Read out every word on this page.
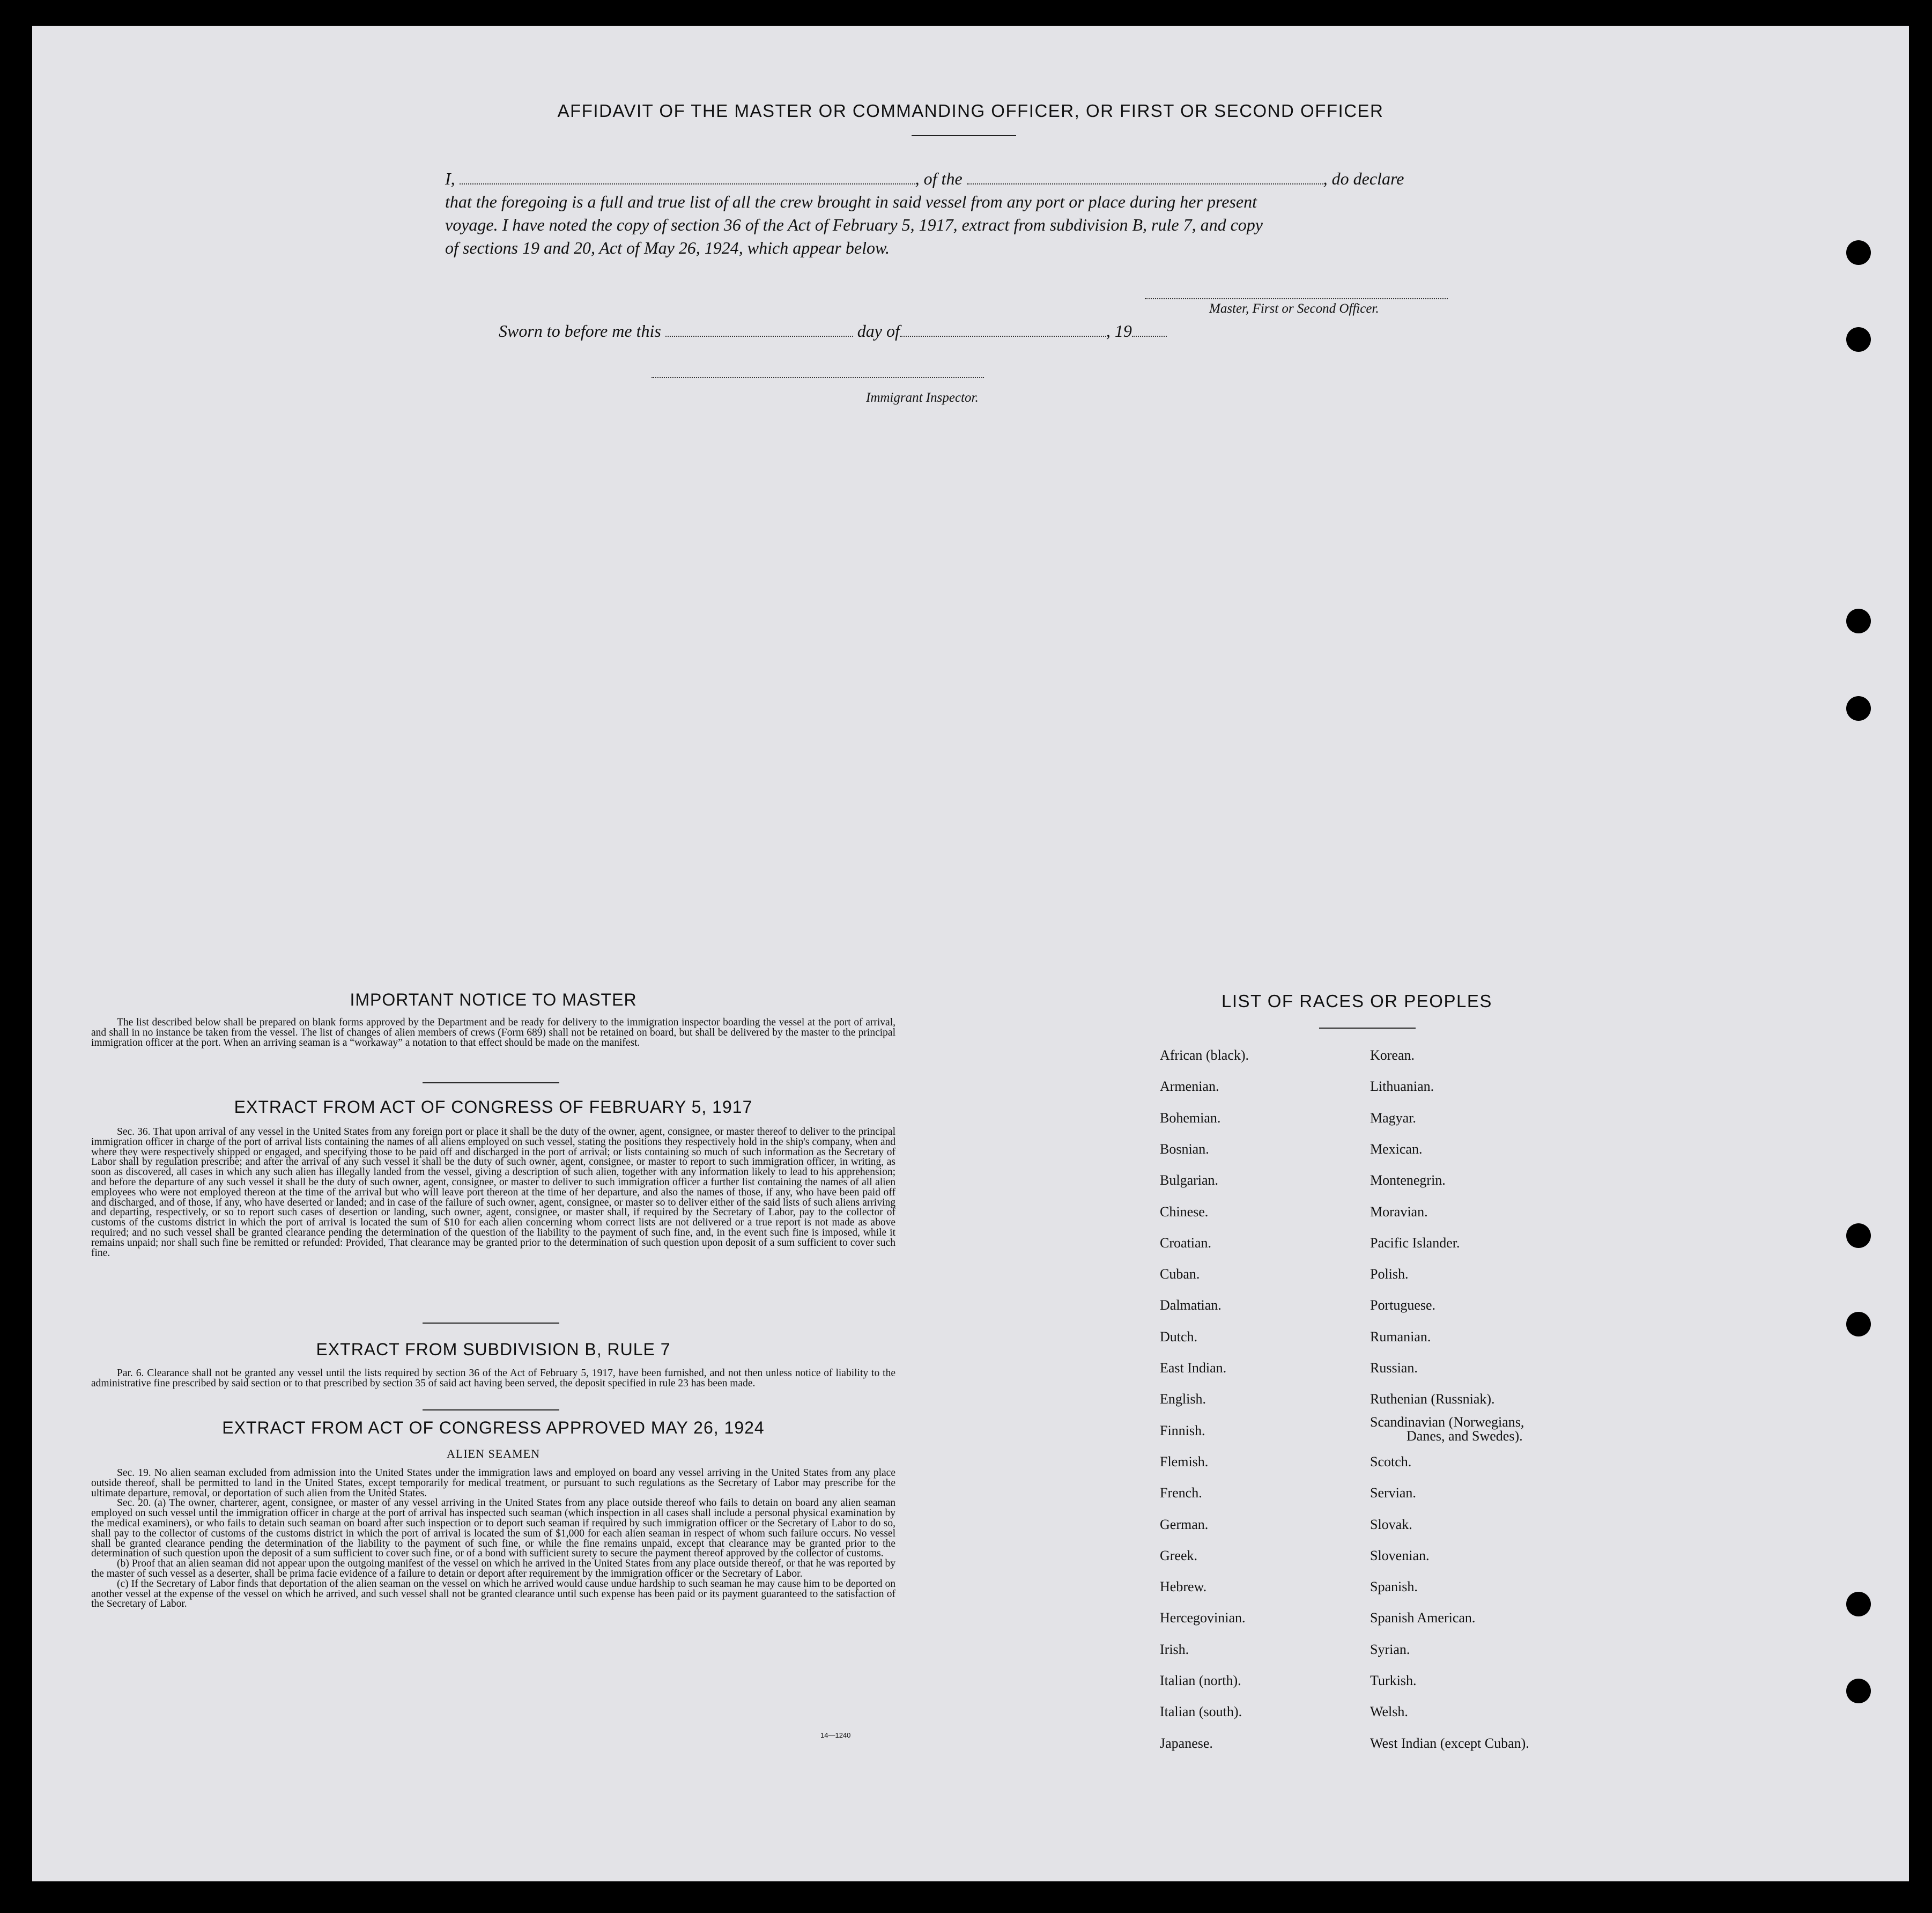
AFFIDAVIT OF THE MASTER OR COMMANDING OFFICER, OR FIRST OR SECOND OFFICER
I,	, of the	, do declare
that the foregoing is a full and true list of all the crew brought in said vessel from any port or place during her present
voyage. I have noted the copy of section 36 of the Act of February 5, 1917, extract from subdivision B, rule 7, and copy
of sections 19 and 20, Act of May 26, 1924, which appear below.
Master, First or Second Officer.
Sworn to before me this	day of	, 19
Immigrant Inspector.
IMPORTANT NOTICE TO MASTER

The list described below shall be prepared on blank forms approved by the Department and be ready for delivery to the immigration inspector boarding the vessel at the port of arrival, and shall in no instance be taken from the vessel. The list of changes of alien members of crews (Form 689) shall not be retained on board, but shall be delivered by the master to the principal immigration officer at the port. When an arriving seaman is a “workaway” a notation to that effect should be made on the manifest.

EXTRACT FROM ACT OF CONGRESS OF FEBRUARY 5, 1917

Sec. 36. That upon arrival of any vessel in the United States from any foreign port or place it shall be the duty of the owner, agent, consignee, or master thereof to deliver to the principal immigration officer in charge of the port of arrival lists containing the names of all aliens employed on such vessel, stating the positions they respectively hold in the ship's company, when and where they were respectively shipped or engaged, and specifying those to be paid off and discharged in the port of arrival; or lists containing so much of such information as the Secretary of Labor shall by regulation prescribe; and after the arrival of any such vessel it shall be the duty of such owner, agent, consignee, or master to report to such immigration officer, in writing, as soon as discovered, all cases in which any such alien has illegally landed from the vessel, giving a description of such alien, together with any information likely to lead to his apprehension; and before the departure of any such vessel it shall be the duty of such owner, agent, consignee, or master to deliver to such immigration officer a further list containing the names of all alien employees who were not employed thereon at the time of the arrival but who will leave port thereon at the time of her departure, and also the names of those, if any, who have been paid off and discharged, and of those, if any, who have deserted or landed; and in case of the failure of such owner, agent, consignee, or master so to deliver either of the said lists of such aliens arriving and departing, respectively, or so to report such cases of desertion or landing, such owner, agent, consignee, or master shall, if required by the Secretary of Labor, pay to the collector of customs of the customs district in which the port of arrival is located the sum of $10 for each alien concerning whom correct lists are not delivered or a true report is not made as above required; and no such vessel shall be granted clearance pending the determination of the question of the liability to the payment of such fine, and, in the event such fine is imposed, while it remains unpaid; nor shall such fine be remitted or refunded: Provided, That clearance may be granted prior to the determination of such question upon deposit of a sum sufficient to cover such fine.

EXTRACT FROM SUBDIVISION B, RULE 7

Par. 6. Clearance shall not be granted any vessel until the lists required by section 36 of the Act of February 5, 1917, have been furnished, and not then unless notice of liability to the administrative fine prescribed by said section or to that prescribed by section 35 of said act having been served, the deposit specified in rule 23 has been made.

EXTRACT FROM ACT OF CONGRESS APPROVED MAY 26, 1924
ALIEN SEAMEN

Sec. 19. No alien seaman excluded from admission into the United States under the immigration laws and employed on board any vessel arriving in the United States from any place outside thereof, shall be permitted to land in the United States, except temporarily for medical treatment, or pursuant to such regulations as the Secretary of Labor may prescribe for the ultimate departure, removal, or deportation of such alien from the United States.

Sec. 20. (a) The owner, charterer, agent, consignee, or master of any vessel arriving in the United States from any place outside thereof who fails to detain on board any alien seaman employed on such vessel until the immigration officer in charge at the port of arrival has inspected such seaman (which inspection in all cases shall include a personal physical examination by the medical examiners), or who fails to detain such seaman on board after such inspection or to deport such seaman if required by such immigration officer or the Secretary of Labor to do so, shall pay to the collector of customs of the customs district in which the port of arrival is located the sum of $1,000 for each alien seaman in respect of whom such failure occurs. No vessel shall be granted clearance pending the determination of the liability to the payment of such fine, or while the fine remains unpaid, except that clearance may be granted prior to the determination of such question upon the deposit of a sum sufficient to cover such fine, or of a bond with sufficient surety to secure the payment thereof approved by the collector of customs.

(b) Proof that an alien seaman did not appear upon the outgoing manifest of the vessel on which he arrived in the United States from any place outside thereof, or that he was reported by the master of such vessel as a deserter, shall be prima facie evidence of a failure to detain or deport after requirement by the immigration officer or the Secretary of Labor.

(c) If the Secretary of Labor finds that deportation of the alien seaman on the vessel on which he arrived would cause undue hardship to such seaman he may cause him to be deported on another vessel at the expense of the vessel on which he arrived, and such vessel shall not be granted clearance until such expense has been paid or its payment guaranteed to the satisfaction of the Secretary of Labor.

14—1240
LIST OF RACES OR PEOPLES
African (black).
Armenian.
Bohemian.
Bosnian.
Bulgarian.
Chinese.
Croatian.
Cuban.
Dalmatian.
Dutch.
East Indian.
English.
Finnish.
Flemish.
French.
German.
Greek.
Hebrew.
Hercegovinian.
Irish.
Italian (north).
Italian (south).
Japanese.
Korean.
Lithuanian.
Magyar.
Mexican.
Montenegrin.
Moravian.
Pacific Islander.
Polish.
Portuguese.
Rumanian.
Russian.
Ruthenian (Russniak).
Scandinavian (Norwegians,
Danes, and Swedes).
Scotch.
Servian.
Slovak.
Slovenian.
Spanish.
Spanish American.
Syrian.
Turkish.
Welsh.
West Indian (except Cuban).
